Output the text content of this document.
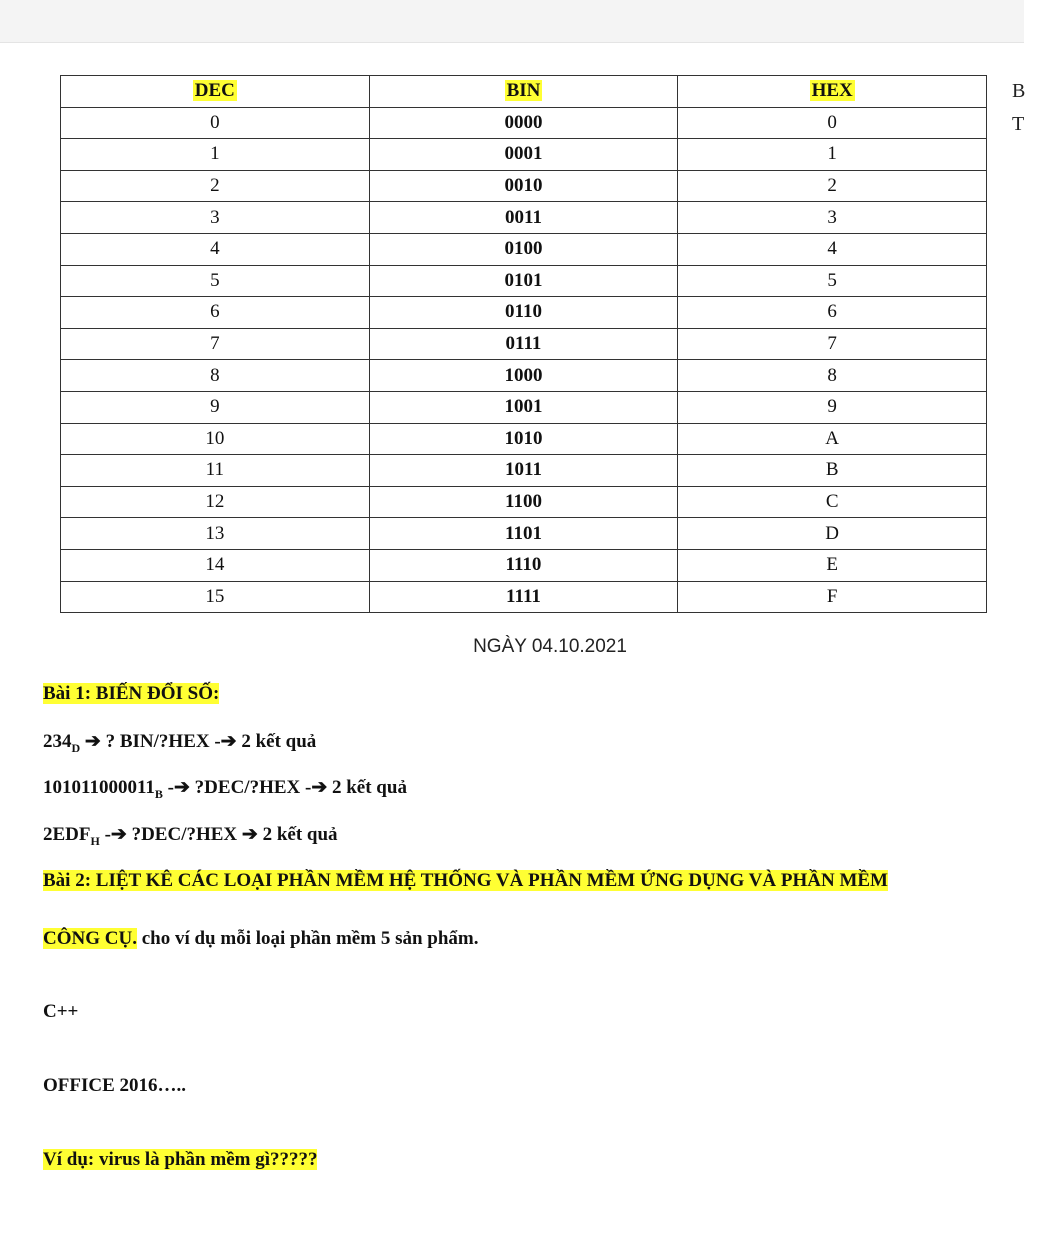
B
T
DEC	BIN	HEX
0	0000	0
1	0001	1
2	0010	2
3	0011	3
4	0100	4
5	0101	5
6	0110	6
7	0111	7
8	1000	8
9	1001	9
10	1010	A
11	1011	B
12	1100	C
13	1101	D
14	1110	E
15	1111	F
NGÀY 04.10.2021
Bài 1: BIẾN ĐỔI SỐ:
$234_D$ ➔ ? BIN/?HEX -➔ 2 kết quả
$101011000011_B$ -➔ ?DEC/?HEX -➔ 2 kết quả
$2EDF_H$ -➔ ?DEC/?HEX ➔ 2 kết quả
Bài 2: LIỆT KÊ CÁC LOẠI PHẦN MỀM HỆ THỐNG VÀ PHẦN MỀM ỨNG DỤNG VÀ PHẦN MỀM
CÔNG CỤ. cho ví dụ mỗi loại phần mềm 5 sản phẩm.
C++
OFFICE 2016…..
Ví dụ: virus là phần mềm gì?????
